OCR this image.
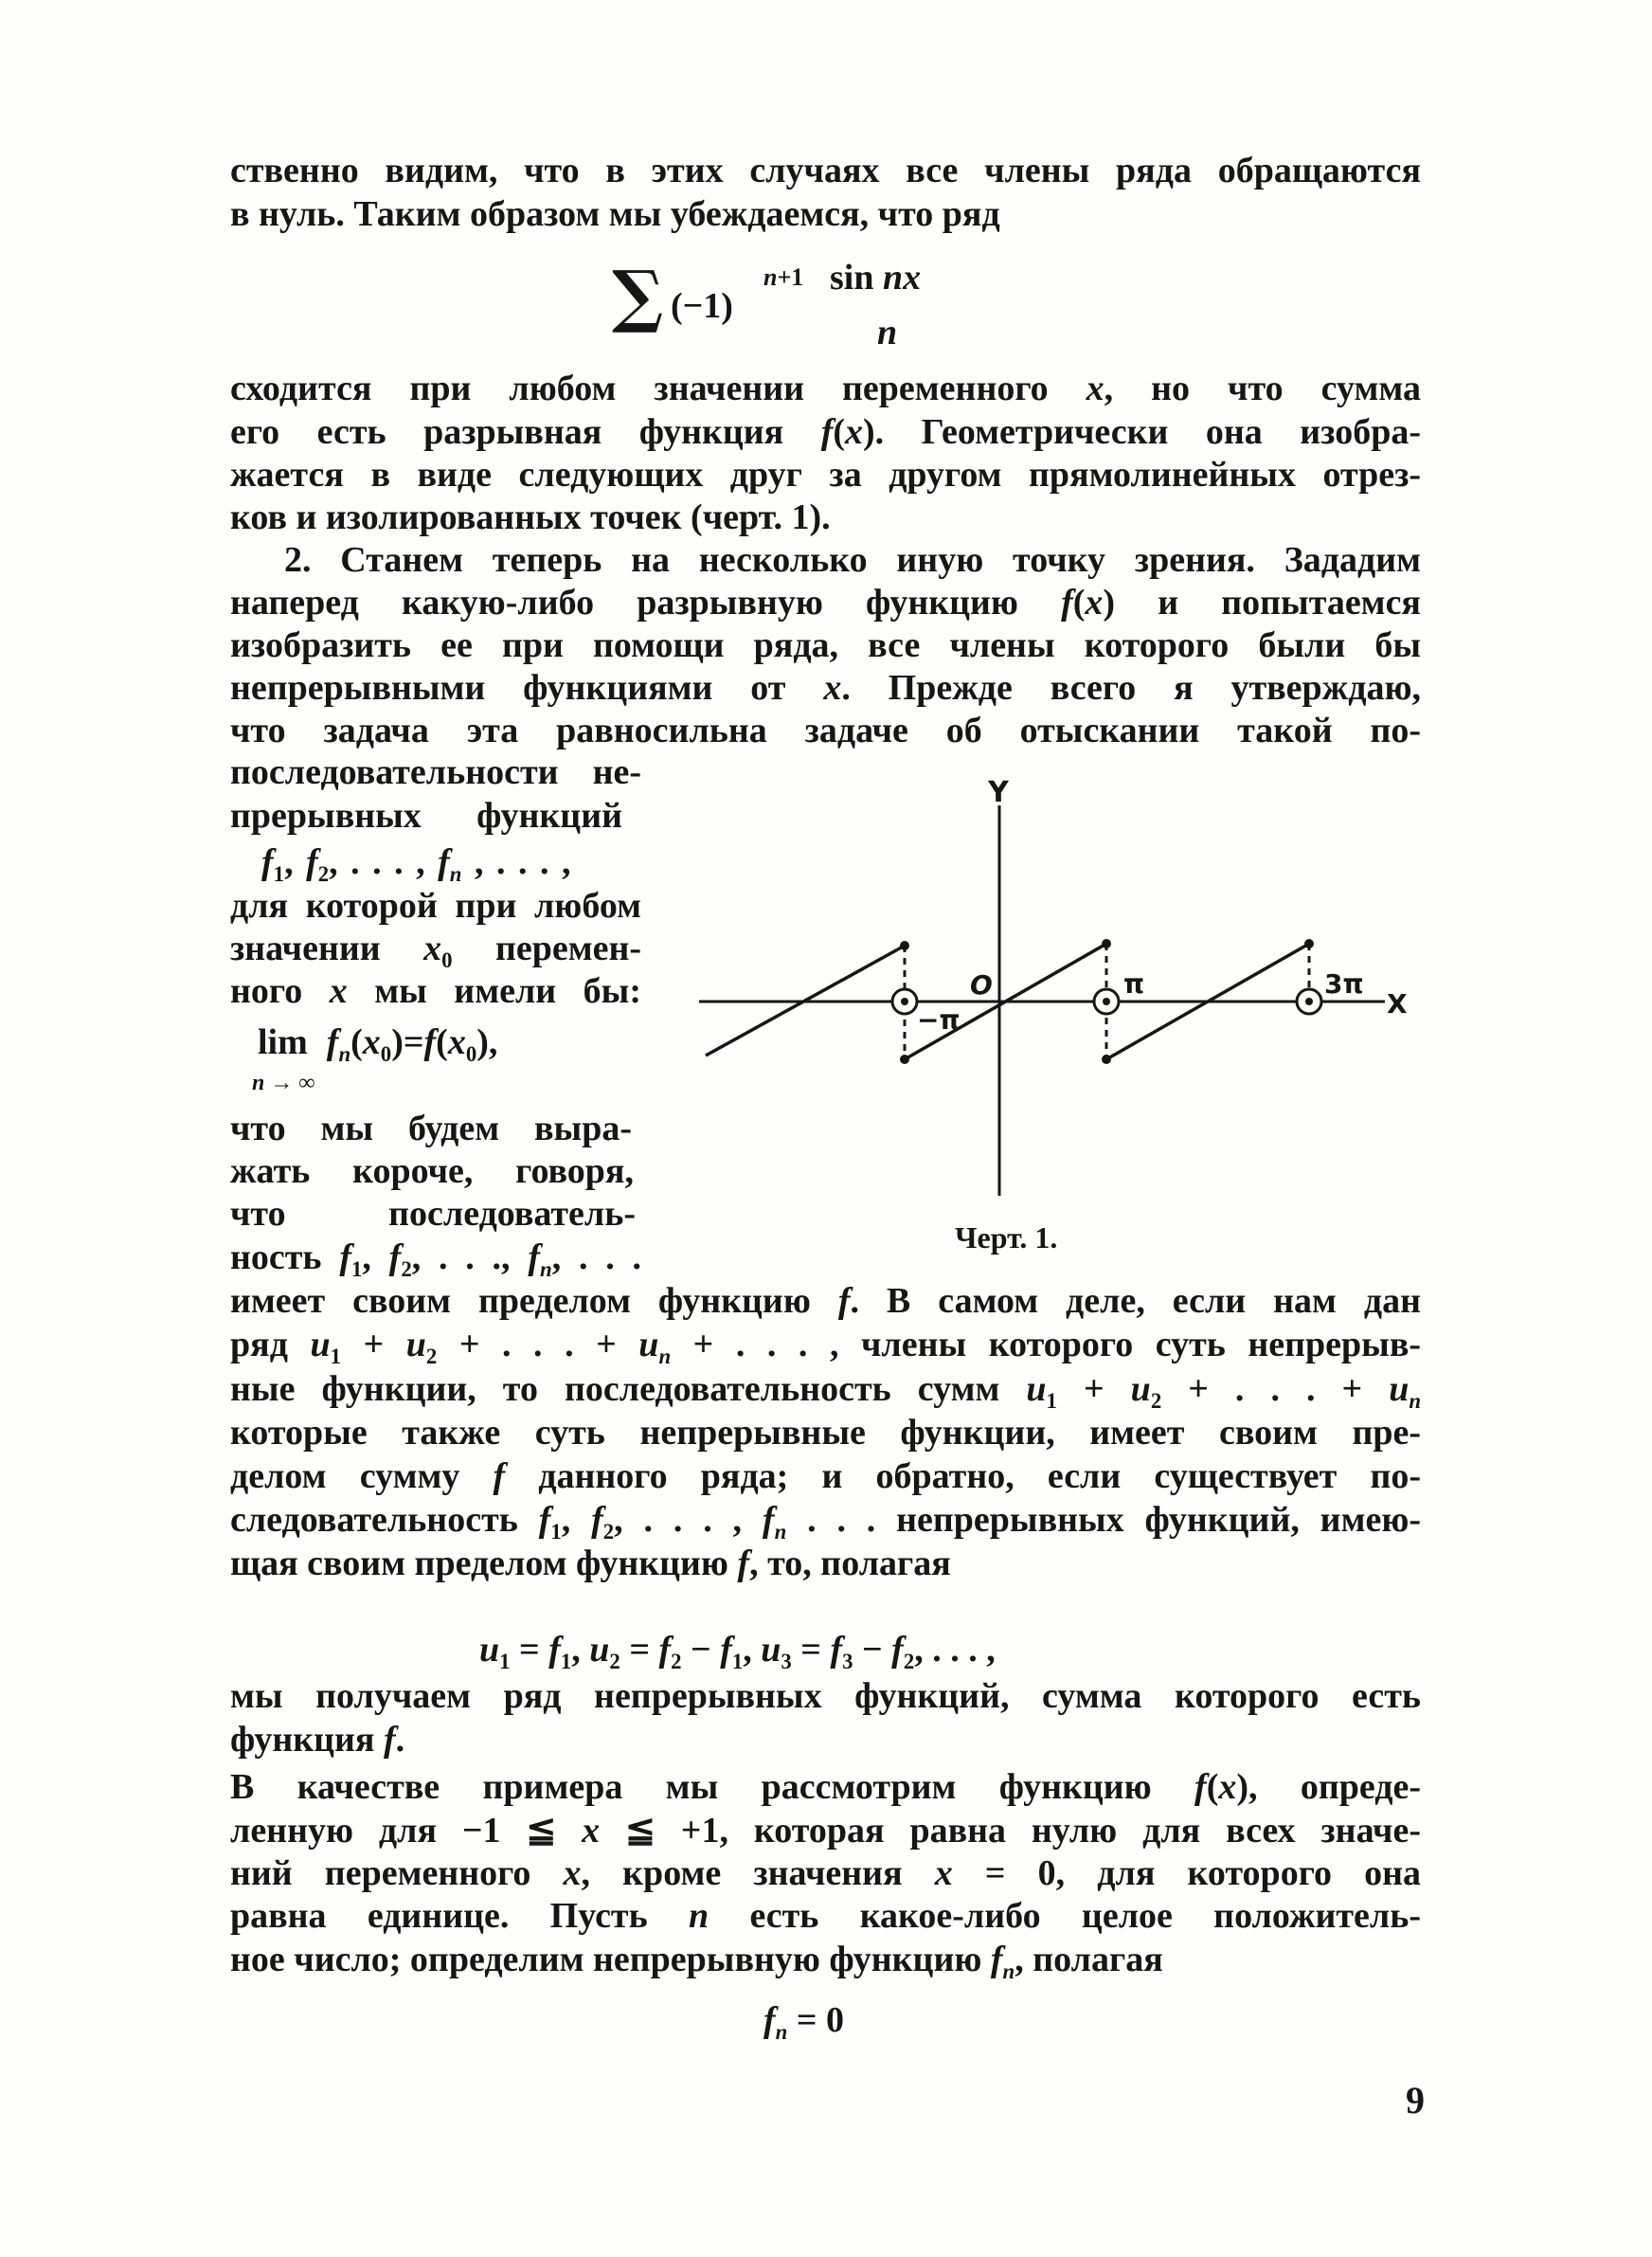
ственно видим, что в этих случаях все члены ряда обращаются
в нуль. Таким образом мы убеждаемся, что ряд
∑ (−1)
n+1 sin nx
n
сходится при любом значении переменного x, но что сумма
его есть разрывная функция f(x). Геометрически она изобра-
жается в виде следующих друг за другом прямолинейных отрез-
ков и изолированных точек (черт. 1).
2. Станем теперь на несколько иную точку зрения. Зададим
наперед какую-либо разрывную функцию f(x) и попытаемся
изобразить ее при помощи ряда, все члены которого были бы
непрерывными функциями от x. Прежде всего я утверждаю,
что задача эта равносильна задаче об отыскании такой по-
последовательности не-
прерывных функций
$f_1$, $f_2$, . . . , $f_n$ , . . . ,
для которой при любом
значении $x_0$ перемен-
ного x мы имели бы:
$\lim f_n(x_0)=f(x_0)$,
n → ∞
что мы будем выра-
жать короче, говоря,
что последователь-
ность $f_1$, $f_2$, . . ., $f_n$, . . .
Y
X
O
−π
π	3π
Черт. 1.
имеет своим пределом функцию f. В самом деле, если нам дан
ряд $u_1 + u_2$ + . . . + $u_n$ + . . . , члены которого суть непрерыв-
ные функции, то последовательность сумм $u_1 + u_2$ + . . . + $u_n$
которые также суть непрерывные функции, имеет своим пре-
делом сумму f данного ряда; и обратно, если существует по-
следовательность $f_1$, $f_2$, . . . , $f_n$ . . . непрерывных функций, имею-
щая своим пределом функцию f, то, полагая
$u_1 = f_1$, $u_2 = f_2 - f_1$, $u_3 = f_3 - f_2$, . . . ,
мы получаем ряд непрерывных функций, сумма которого есть
функция f.
В качестве примера мы рассмотрим функцию f(x), опреде-
ленную для −1 ≦ x ≦ +1, которая равна нулю для всех значе-
ний переменного x, кроме значения x = 0, для которого она
равна единице. Пусть n есть какое-либо целое положитель-
ное число; определим непрерывную функцию $f_n$, полагая
$f_n = 0$
9
